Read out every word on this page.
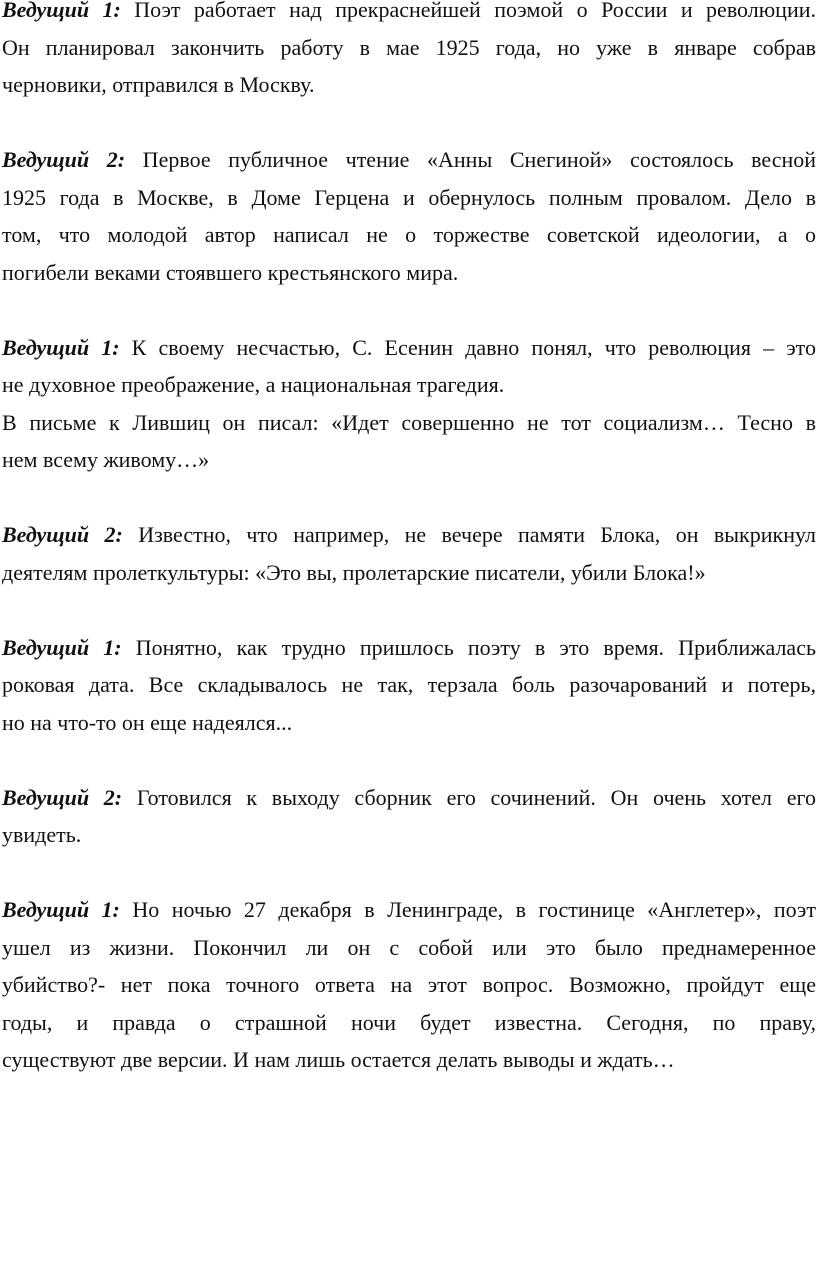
Ведущий 1: Поэт работает над прекраснейшей поэмой о России и революции.
Он планировал закончить работу в мае 1925 года, но уже в январе собрав
черновики, отправился в Москву.

Ведущий 2: Первое публичное чтение «Анны Снегиной» состоялось весной
1925 года в Москве, в Доме Герцена и обернулось полным провалом. Дело в
том, что молодой автор написал не о торжестве советской идеологии, а о
погибели веками стоявшего крестьянского мира.

Ведущий 1: К своему несчастью, С. Есенин давно понял, что революция – это
не духовное преображение, а национальная трагедия.

В письме к Лившиц он писал: «Идет совершенно не тот социализм… Тесно в
нем всему живому…»

Ведущий 2: Известно, что например, не вечере памяти Блока, он выкрикнул
деятелям пролеткультуры: «Это вы, пролетарские писатели, убили Блока!»

Ведущий 1: Понятно, как трудно пришлось поэту в это время. Приближалась
роковая дата. Все складывалось не так, терзала боль разочарований и потерь,
но на что-то он еще надеялся...

Ведущий 2: Готовился к выходу сборник его сочинений. Он очень хотел его
увидеть.

Ведущий 1: Но ночью 27 декабря в Ленинграде, в гостинице «Англетер», поэт
ушел из жизни. Покончил ли он с собой или это было преднамеренное
убийство?- нет пока точного ответа на этот вопрос. Возможно, пройдут еще
годы, и правда о страшной ночи будет известна. Сегодня, по праву,
существуют две версии. И нам лишь остается делать выводы и ждать…
